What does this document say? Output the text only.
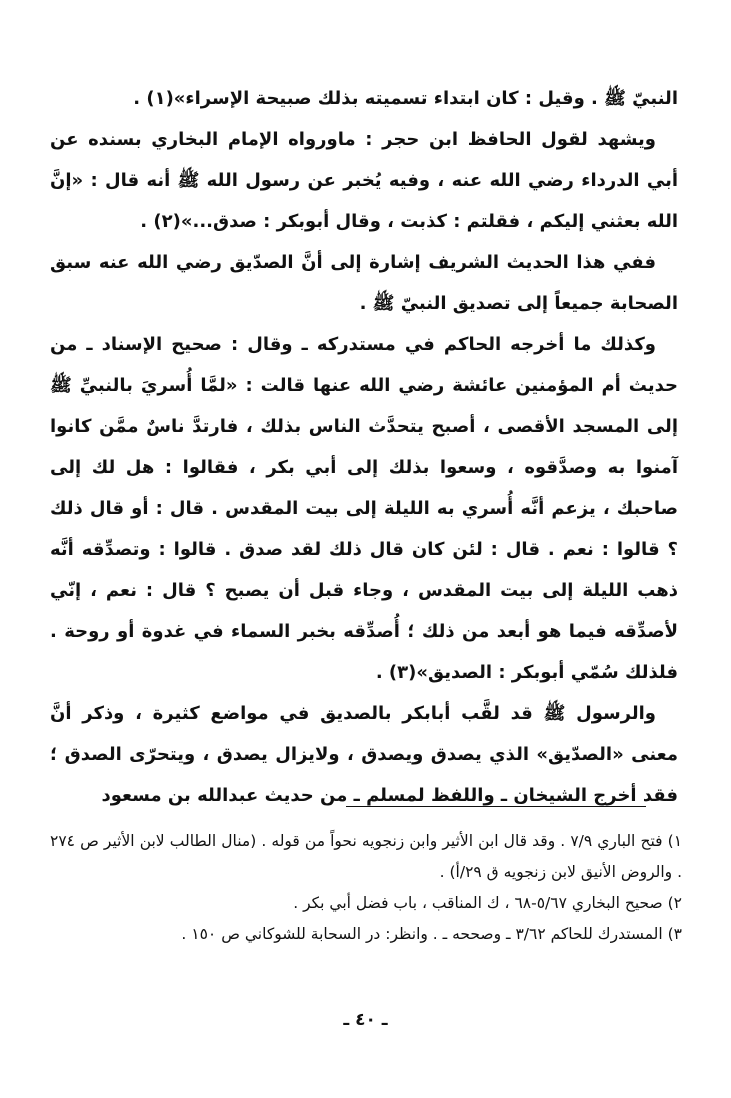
النبيّ ﷺ . وقيل : كان ابتداء تسميته بذلك صبيحة الإسراء»(١) .

ويشهد لقول الحافظ ابن حجر : ماورواه الإمام البخاري بسنده عن أبي الدرداء رضي الله عنه ، وفيه يُخبر عن رسول الله ﷺ أنه قال : «إنَّ الله بعثني إليكم ، فقلتم : كذبت ، وقال أبوبكر : صدق...»(٢) .

ففي هذا الحديث الشريف إشارة إلى أنَّ الصدّيق رضي الله عنه سبق الصحابة جميعاً إلى تصديق النبيّ ﷺ .

وكذلك ما أخرجه الحاكم في مستدركه ـ وقال : صحيح الإسناد ـ من حديث أم المؤمنين عائشة رضي الله عنها قالت : «لمَّا أُسريَ بالنبيِّ ﷺ إلى المسجد الأقصى ، أصبح يتحدَّث الناس بذلك ، فارتدَّ ناسٌ ممَّن كانوا آمنوا به وصدَّقوه ، وسعوا بذلك إلى أبي بكر ، فقالوا : هل لك إلى صاحبك ، يزعم أنَّه أُسري به الليلة إلى بيت المقدس . قال : أو قال ذلك ؟ قالوا : نعم . قال : لئن كان قال ذلك لقد صدق . قالوا : وتصدِّقه أنَّه ذهب الليلة إلى بيت المقدس ، وجاء قبل أن يصبح ؟ قال : نعم ، إنّي لأصدِّقه فيما هو أبعد من ذلك ؛ أُصدِّقه بخبر السماء في غدوة أو روحة . فلذلك سُمّي أبوبكر : الصديق»(٣) .

والرسول ﷺ قد لقَّب أبابكر بالصديق في مواضع كثيرة ، وذكر أنَّ معنى «الصدّيق» الذي يصدق ويصدق ، ولايزال يصدق ، ويتحرّى الصدق ؛ فقد أخرج الشيخان ـ واللفظ لمسلم ـ من حديث عبدالله بن مسعود

١) فتح الباري ٧/٩ . وقد قال ابن الأثير وابن زنجويه نحواً من قوله . (منال الطالب لابن الأثير ص ٢٧٤ . والروض الأنيق لابن زنجويه ق ٢٩/أ) .

٢) صحيح البخاري ٥/٦٧-٦٨ ، ك المناقب ، باب فضل أبي بكر .

٣) المستدرك للحاكم ٣/٦٢ ـ وصححه ـ . وانظر: در السحابة للشوكاني ص ١٥٠ .

ـ ٤٠ ـ
